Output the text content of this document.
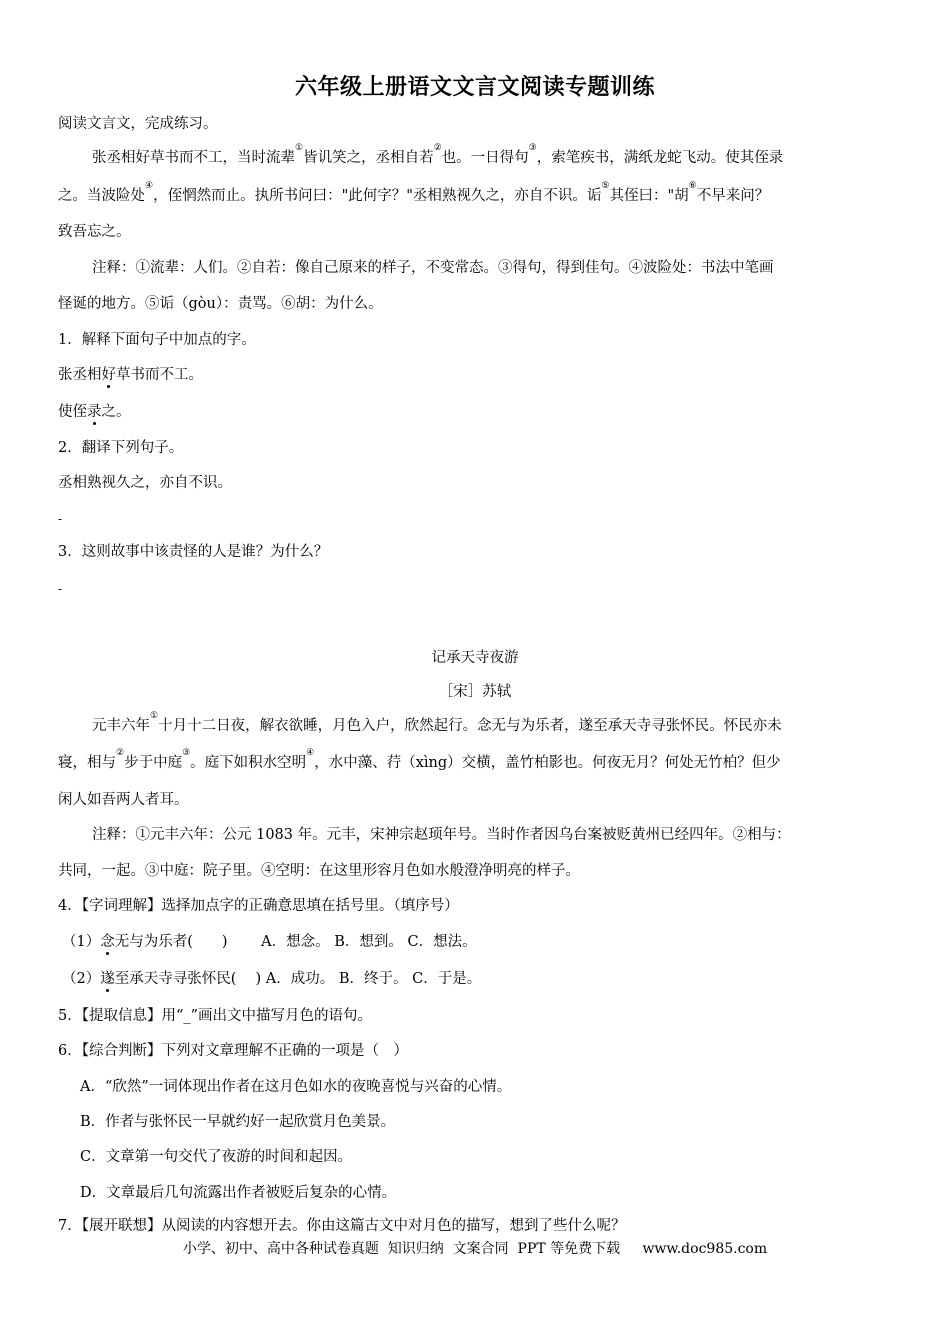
六年级上册语文文言文阅读专题训练
阅读文言文，完成练习。
张丞相好草书而不工，当时流辈①皆讥笑之，丞相自若②也。一日得句③，索笔疾书，满纸龙蛇飞动。使其侄录
之。当波险处④，侄惘然而止。执所书问曰："此何字？"丞相熟视久之，亦自不识。诟⑤其侄曰："胡⑥不早来问？
致吾忘之。
注释：①流辈：人们。②自若：像自己原来的样子，不变常态。③得句，得到佳句。④波险处：书法中笔画
怪诞的地方。⑤诟（gòu）：责骂。⑥胡：为什么。
1．解释下面句子中加点的字。
张丞相好草书而不工。
使侄录之。
2．翻译下列句子。
丞相熟视久之，亦自不识。
-
3．这则故事中该责怪的人是谁？为什么？
-
记承天寺夜游
［宋］苏轼
元丰六年①十月十二日夜，解衣欲睡，月色入户，欣然起行。念无与为乐者，遂至承天寺寻张怀民。怀民亦未
寝，相与②步于中庭③。庭下如积水空明④，水中藻、荇（xìng）交横，盖竹柏影也。何夜无月？何处无竹柏？但少
闲人如吾两人者耳。
注释：①元丰六年：公元 1083 年。元丰，宋神宗赵顼年号。当时作者因乌台案被贬黄州已经四年。②相与：
共同，一起。③中庭：院子里。④空明：在这里形容月色如水般澄净明亮的样子。
4．【字词理解】选择加点字的正确意思填在括号里。（填序号）
（1）念无与为乐者(　　)　　 A．想念。 B．想到。 C．想法。
（2）遂至承天寺寻张怀民(　 ) A．成功。 B．终于。 C．于是。
5．【提取信息】用“_”画出文中描写月色的语句。
6．【综合判断】下列对文章理解不正确的一项是（　）
A．“欣然”一词体现出作者在这月色如水的夜晚喜悦与兴奋的心情。
B．作者与张怀民一早就约好一起欣赏月色美景。
C．文章第一句交代了夜游的时间和起因。
D．文章最后几句流露出作者被贬后复杂的心情。
7．【展开联想】从阅读的内容想开去。你由这篇古文中对月色的描写，想到了些什么呢？
小学、初中、高中各种试卷真题  知识归纳  文案合同  PPT 等免费下载     www.doc985.com
